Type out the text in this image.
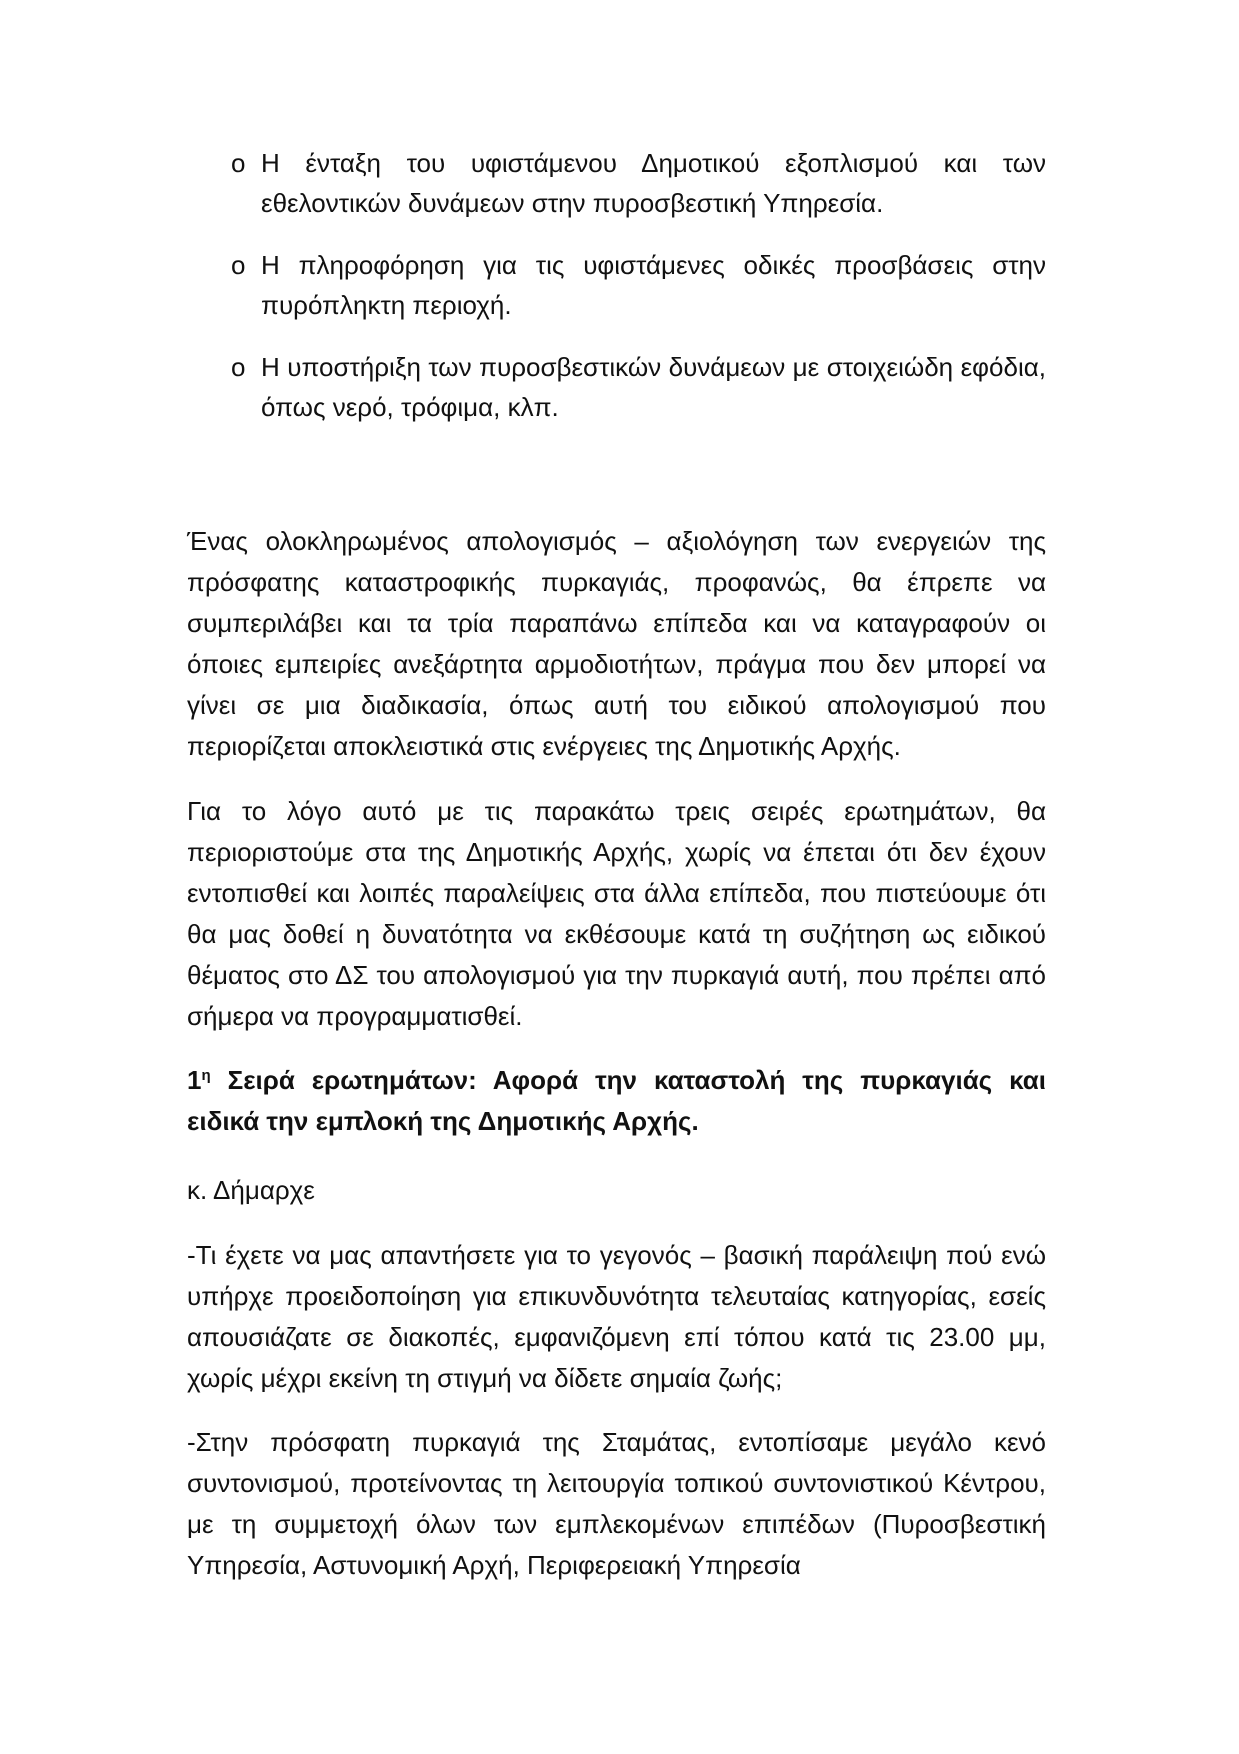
o Η ένταξη του υφιστάμενου Δημοτικού εξοπλισμού και των εθελοντικών δυνάμεων στην πυροσβεστική Υπηρεσία.
o Η πληροφόρηση για τις υφιστάμενες οδικές προσβάσεις στην πυρόπληκτη περιοχή.
o Η υποστήριξη των πυροσβεστικών δυνάμεων με στοιχειώδη εφόδια, όπως νερό, τρόφιμα, κλπ.

Ένας ολοκληρωμένος απολογισμός – αξιολόγηση των ενεργειών της πρόσφατης καταστροφικής πυρκαγιάς, προφανώς, θα έπρεπε να συμπεριλάβει και τα τρία παραπάνω επίπεδα και να καταγραφούν οι όποιες εμπειρίες ανεξάρτητα αρμοδιοτήτων, πράγμα που δεν μπορεί να γίνει σε μια διαδικασία, όπως αυτή του ειδικού απολογισμού που περιορίζεται αποκλειστικά στις ενέργειες της Δημοτικής Αρχής.

Για το λόγο αυτό με τις παρακάτω τρεις σειρές ερωτημάτων, θα περιοριστούμε στα της Δημοτικής Αρχής, χωρίς να έπεται ότι δεν έχουν εντοπισθεί και λοιπές παραλείψεις στα άλλα επίπεδα, που πιστεύουμε ότι θα μας δοθεί η δυνατότητα να εκθέσουμε κατά τη συζήτηση ως ειδικού θέματος στο ΔΣ του απολογισμού για την πυρκαγιά αυτή, που πρέπει από σήμερα να προγραμματισθεί.

$1^\eta$ Σειρά ερωτημάτων: Αφορά την καταστολή της πυρκαγιάς και ειδικά την εμπλοκή της Δημοτικής Αρχής.

κ. Δήμαρχε

-Τι έχετε να μας απαντήσετε για το γεγονός – βασική παράλειψη πού ενώ υπήρχε προειδοποίηση για επικυνδυνότητα τελευταίας κατηγορίας, εσείς απουσιάζατε σε διακοπές, εμφανιζόμενη επί τόπου κατά τις 23.00 μμ, χωρίς μέχρι εκείνη τη στιγμή να δίδετε σημαία ζωής;

-Στην πρόσφατη πυρκαγιά της Σταμάτας, εντοπίσαμε μεγάλο κενό συντονισμού, προτείνοντας τη λειτουργία τοπικού συντονιστικού Κέντρου, με τη συμμετοχή όλων των εμπλεκομένων επιπέδων (Πυροσβεστική Υπηρεσία, Αστυνομική Αρχή, Περιφερειακή Υπηρεσία
